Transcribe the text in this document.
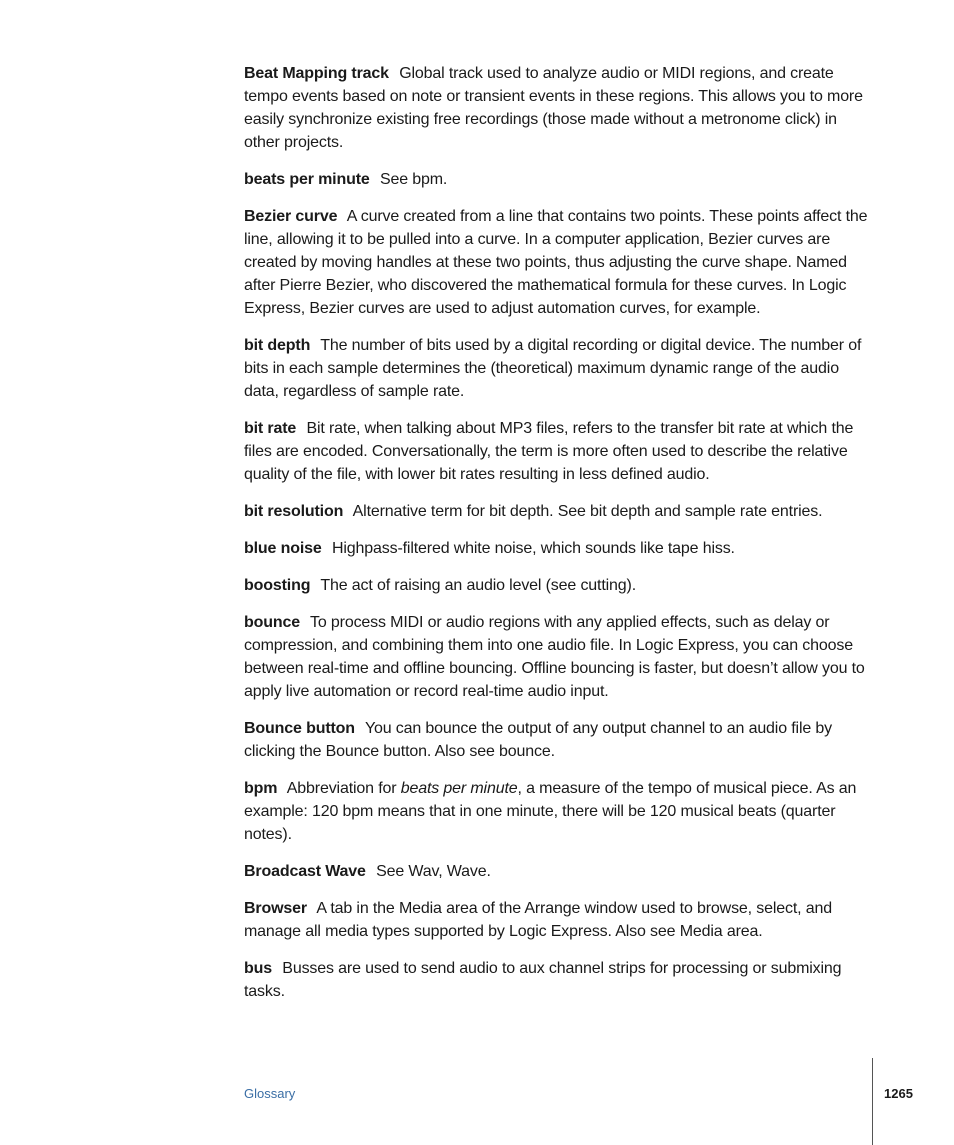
Beat Mapping track Global track used to analyze audio or MIDI regions, and create tempo events based on note or transient events in these regions. This allows you to more easily synchronize existing free recordings (those made without a metronome click) in other projects.

beats per minute See bpm.

Bezier curve A curve created from a line that contains two points. These points affect the line, allowing it to be pulled into a curve. In a computer application, Bezier curves are created by moving handles at these two points, thus adjusting the curve shape. Named after Pierre Bezier, who discovered the mathematical formula for these curves. In Logic Express, Bezier curves are used to adjust automation curves, for example.

bit depth The number of bits used by a digital recording or digital device. The number of bits in each sample determines the (theoretical) maximum dynamic range of the audio data, regardless of sample rate.

bit rate Bit rate, when talking about MP3 files, refers to the transfer bit rate at which the files are encoded. Conversationally, the term is more often used to describe the relative quality of the file, with lower bit rates resulting in less defined audio.

bit resolution Alternative term for bit depth. See bit depth and sample rate entries.

blue noise Highpass-filtered white noise, which sounds like tape hiss.

boosting The act of raising an audio level (see cutting).

bounce To process MIDI or audio regions with any applied effects, such as delay or compression, and combining them into one audio file. In Logic Express, you can choose between real-time and offline bouncing. Offline bouncing is faster, but doesn’t allow you to apply live automation or record real-time audio input.

Bounce button You can bounce the output of any output channel to an audio file by clicking the Bounce button. Also see bounce.

bpm Abbreviation for beats per minute, a measure of the tempo of musical piece. As an example: 120 bpm means that in one minute, there will be 120 musical beats (quarter notes).

Broadcast Wave See Wav, Wave.

Browser A tab in the Media area of the Arrange window used to browse, select, and manage all media types supported by Logic Express. Also see Media area.

bus Busses are used to send audio to aux channel strips for processing or submixing tasks.

Glossary	1265
